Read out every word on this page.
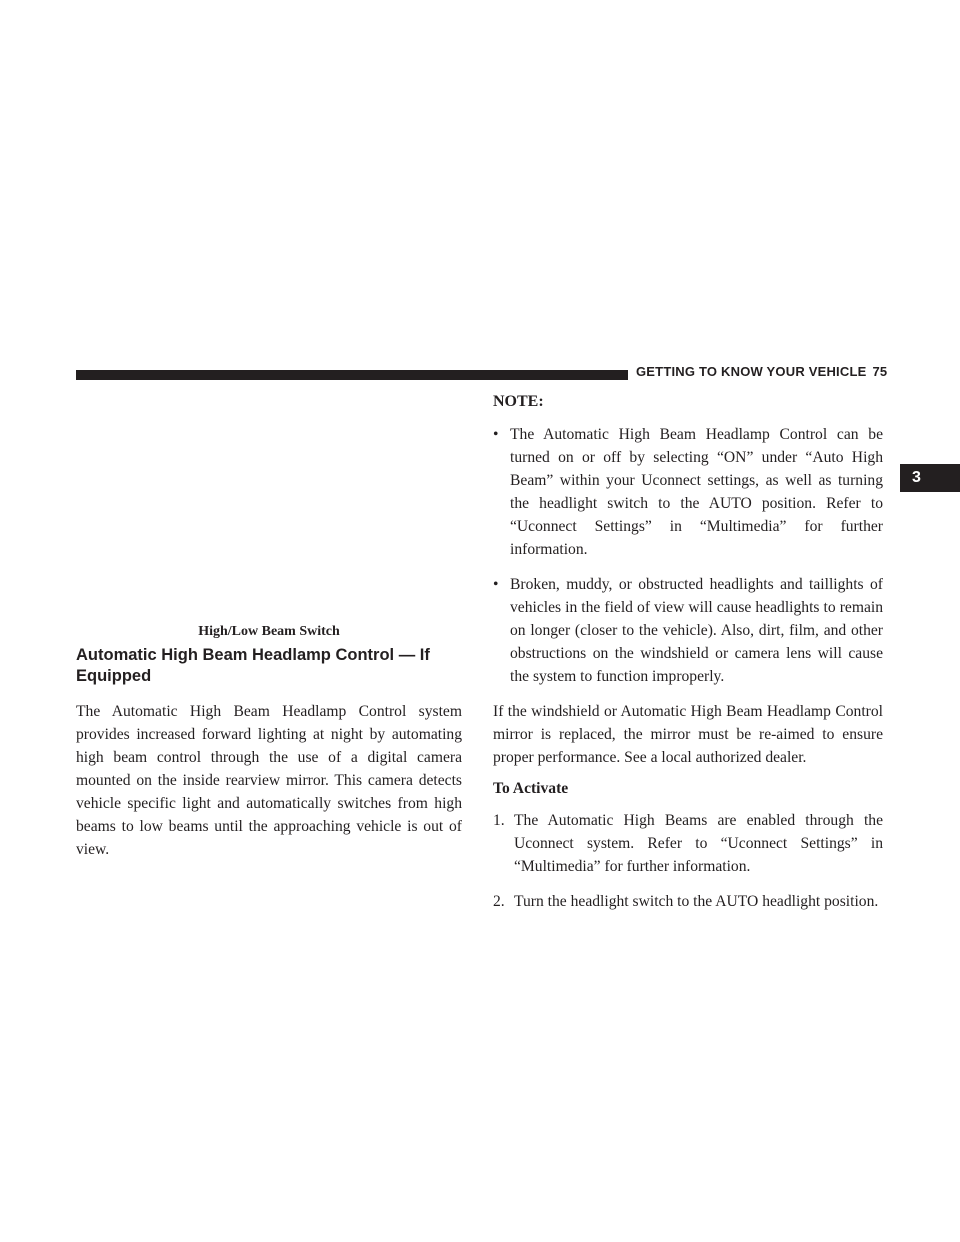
GETTING TO KNOW YOUR VEHICLE 75
3
High/Low Beam Switch
Automatic High Beam Headlamp Control — If
Equipped

The Automatic High Beam Headlamp Control system provides increased forward lighting at night by automating high beam control through the use of a digital camera mounted on the inside rearview mirror. This camera detects vehicle specific light and automatically switches from high beams to low beams until the approaching vehicle is out of view.

NOTE:
• The Automatic High Beam Headlamp Control can be turned on or off by selecting “ON” under “Auto High Beam” within your Uconnect settings, as well as turning the headlight switch to the AUTO position. Refer to “Uconnect Settings” in “Multimedia” for further information.
• Broken, muddy, or obstructed headlights and taillights of vehicles in the field of view will cause headlights to remain on longer (closer to the vehicle). Also, dirt, film, and other obstructions on the windshield or camera lens will cause the system to function improperly.

If the windshield or Automatic High Beam Headlamp Control mirror is replaced, the mirror must be re-aimed to ensure proper performance. See a local authorized dealer.

To Activate
1. The Automatic High Beams are enabled through the Uconnect system. Refer to “Uconnect Settings” in “Multimedia” for further information.
2. Turn the headlight switch to the AUTO headlight position.
